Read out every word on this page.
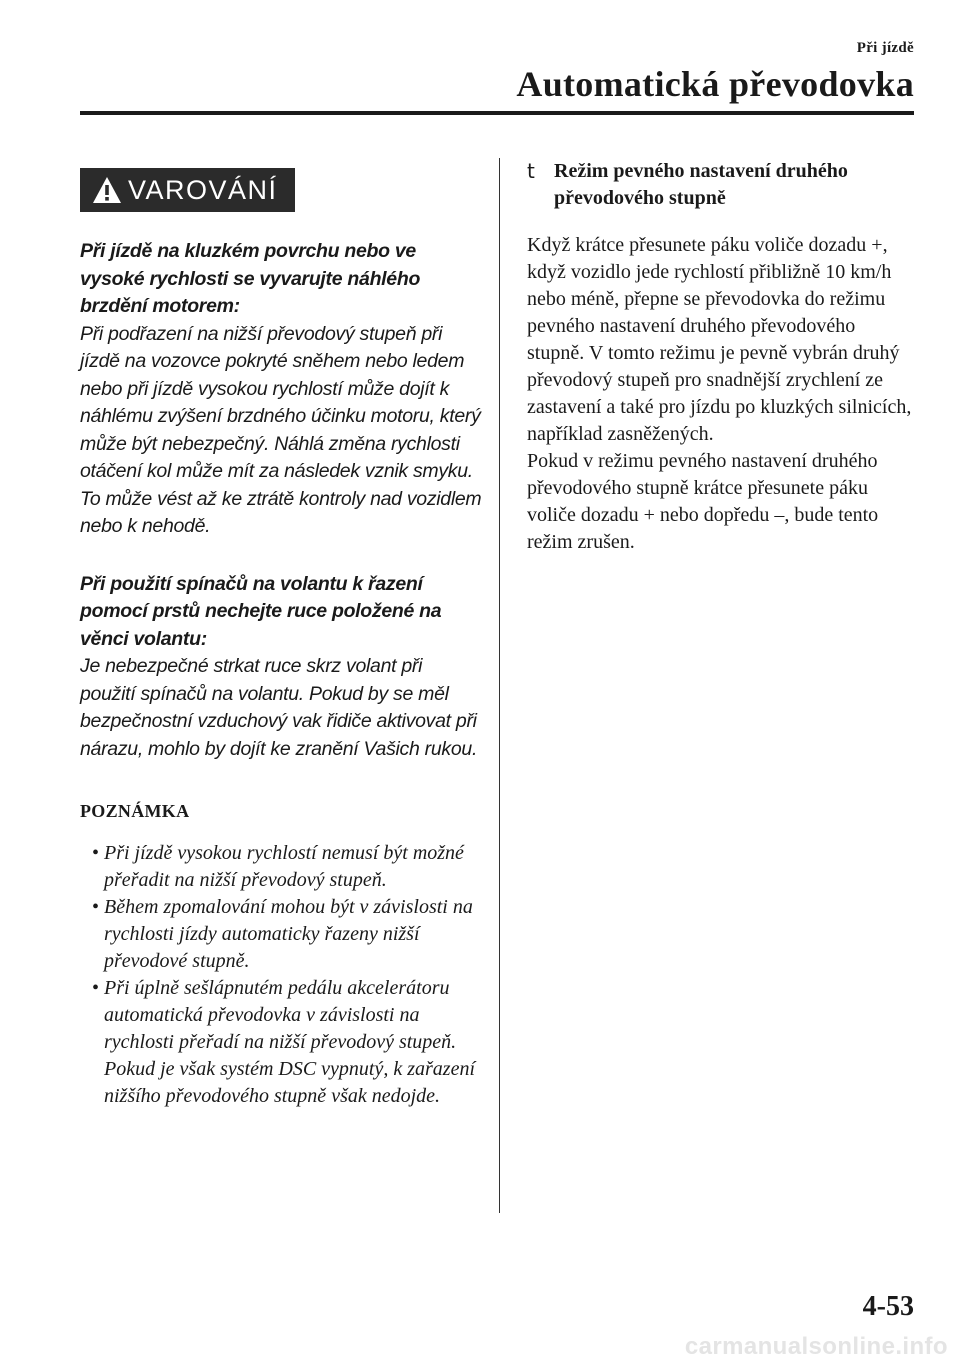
Při jízdě
Automatická převodovka
VAROVÁNÍ
Při jízdě na kluzkém povrchu nebo ve vysoké rychlosti se vyvarujte náhlého brzdění motorem:
Při podřazení na nižší převodový stupeň při jízdě na vozovce pokryté sněhem nebo ledem nebo při jízdě vysokou rychlostí může dojít k náhlému zvýšení brzdného účinku motoru, který může být nebezpečný. Náhlá změna rychlosti otáčení kol může mít za následek vznik smyku. To může vést až ke ztrátě kontroly nad vozidlem nebo k nehodě.
Při použití spínačů na volantu k řazení pomocí prstů nechejte ruce položené na věnci volantu:
Je nebezpečné strkat ruce skrz volant při použití spínačů na volantu. Pokud by se měl bezpečnostní vzduchový vak řidiče aktivovat při nárazu, mohlo by dojít ke zranění Vašich rukou.
POZNÁMKA
• Při jízdě vysokou rychlostí nemusí být možné přeřadit na nižší převodový stupeň.
• Během zpomalování mohou být v závislosti na rychlosti jízdy automaticky řazeny nižší převodové stupně.
• Při úplně sešlápnutém pedálu akcelerátoru automatická převodovka v závislosti na rychlosti přeřadí na nižší převodový stupeň. Pokud je však systém DSC vypnutý, k zařazení nižšího převodového stupně však nedojde.
t Režim pevného nastavení druhého převodového stupně
Když krátce přesunete páku voliče dozadu +, když vozidlo jede rychlostí přibližně 10 km/h nebo méně, přepne se převodovka do režimu pevného nastavení druhého převodového stupně. V tomto režimu je pevně vybrán druhý převodový stupeň pro snadnější zrychlení ze zastavení a také pro jízdu po kluzkých silnicích, například zasněžených.
Pokud v režimu pevného nastavení druhého převodového stupně krátce přesunete páku voliče dozadu + nebo dopředu –, bude tento režim zrušen.
4-53
carmanualsonline.info
